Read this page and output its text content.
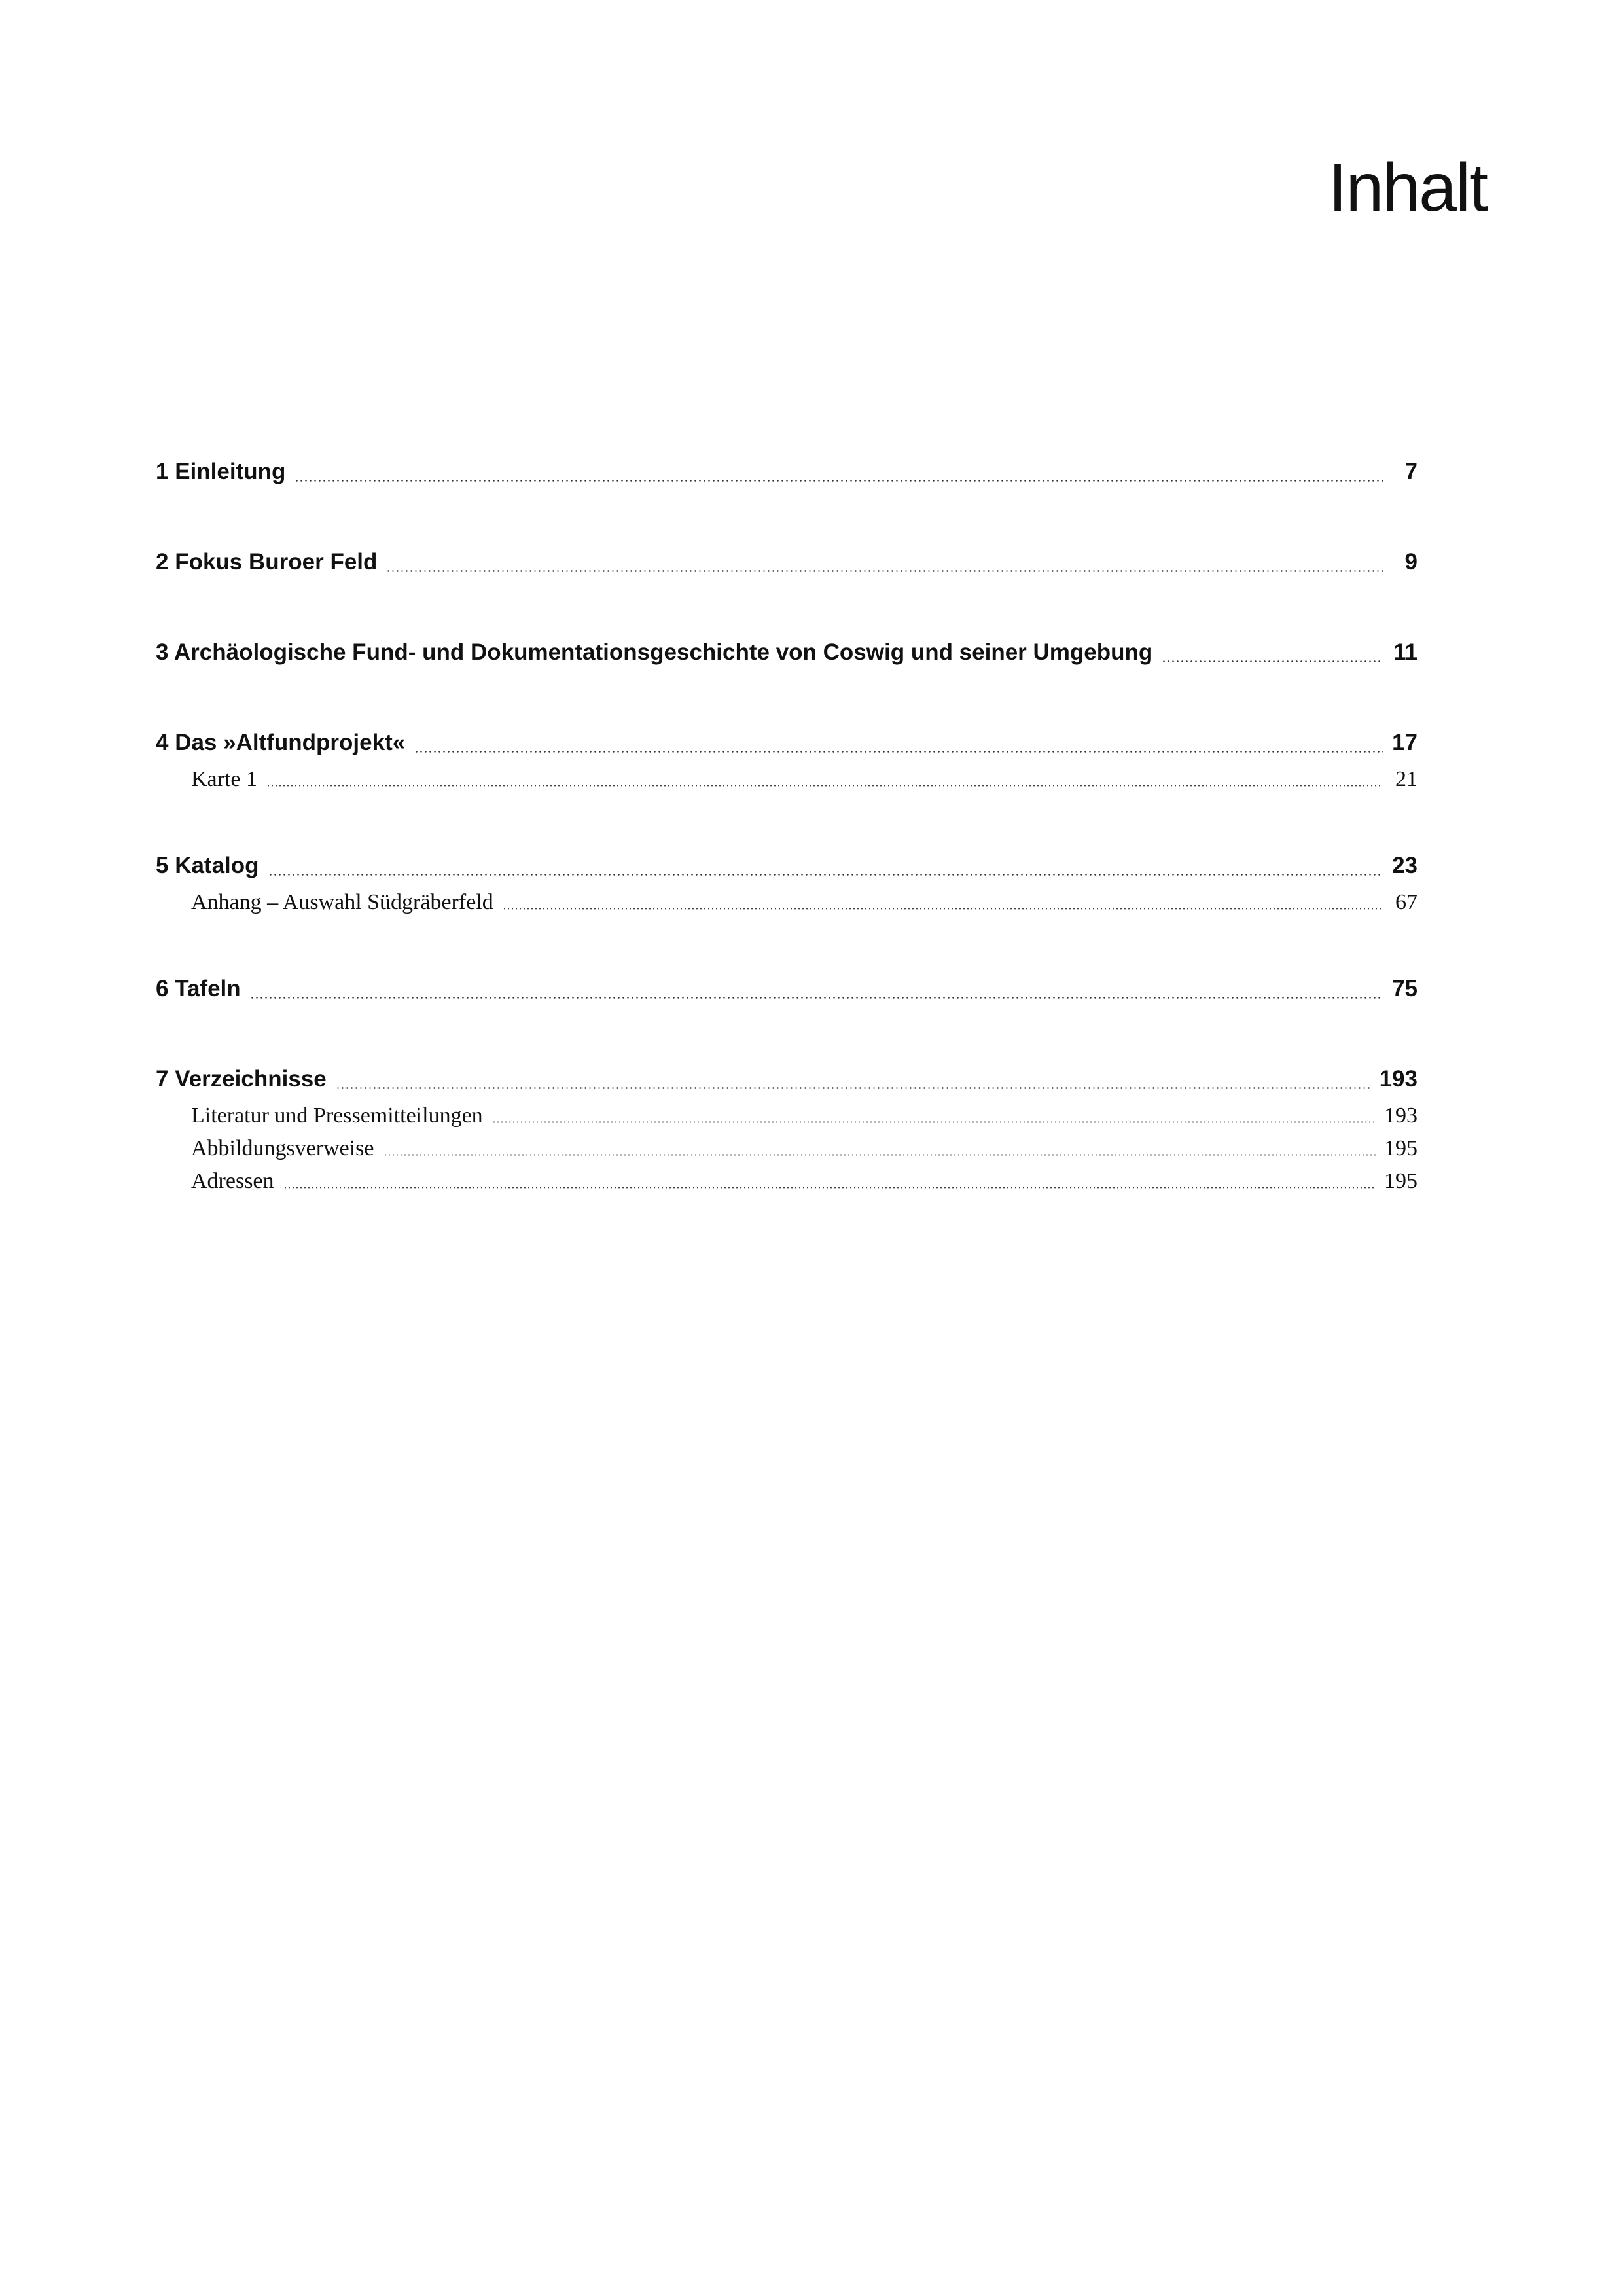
Inhalt
1 Einleitung	7
2 Fokus Buroer Feld	9
3 Archäologische Fund- und Dokumentationsgeschichte von Coswig und seiner Umgebung	11
4 Das »Altfundprojekt«	17
Karte 1	21
5 Katalog	23
Anhang – Auswahl Südgräberfeld	67
6 Tafeln	75
7 Verzeichnisse	193
Literatur und Pressemitteilungen	193
Abbildungsverweise	195
Adressen	195
